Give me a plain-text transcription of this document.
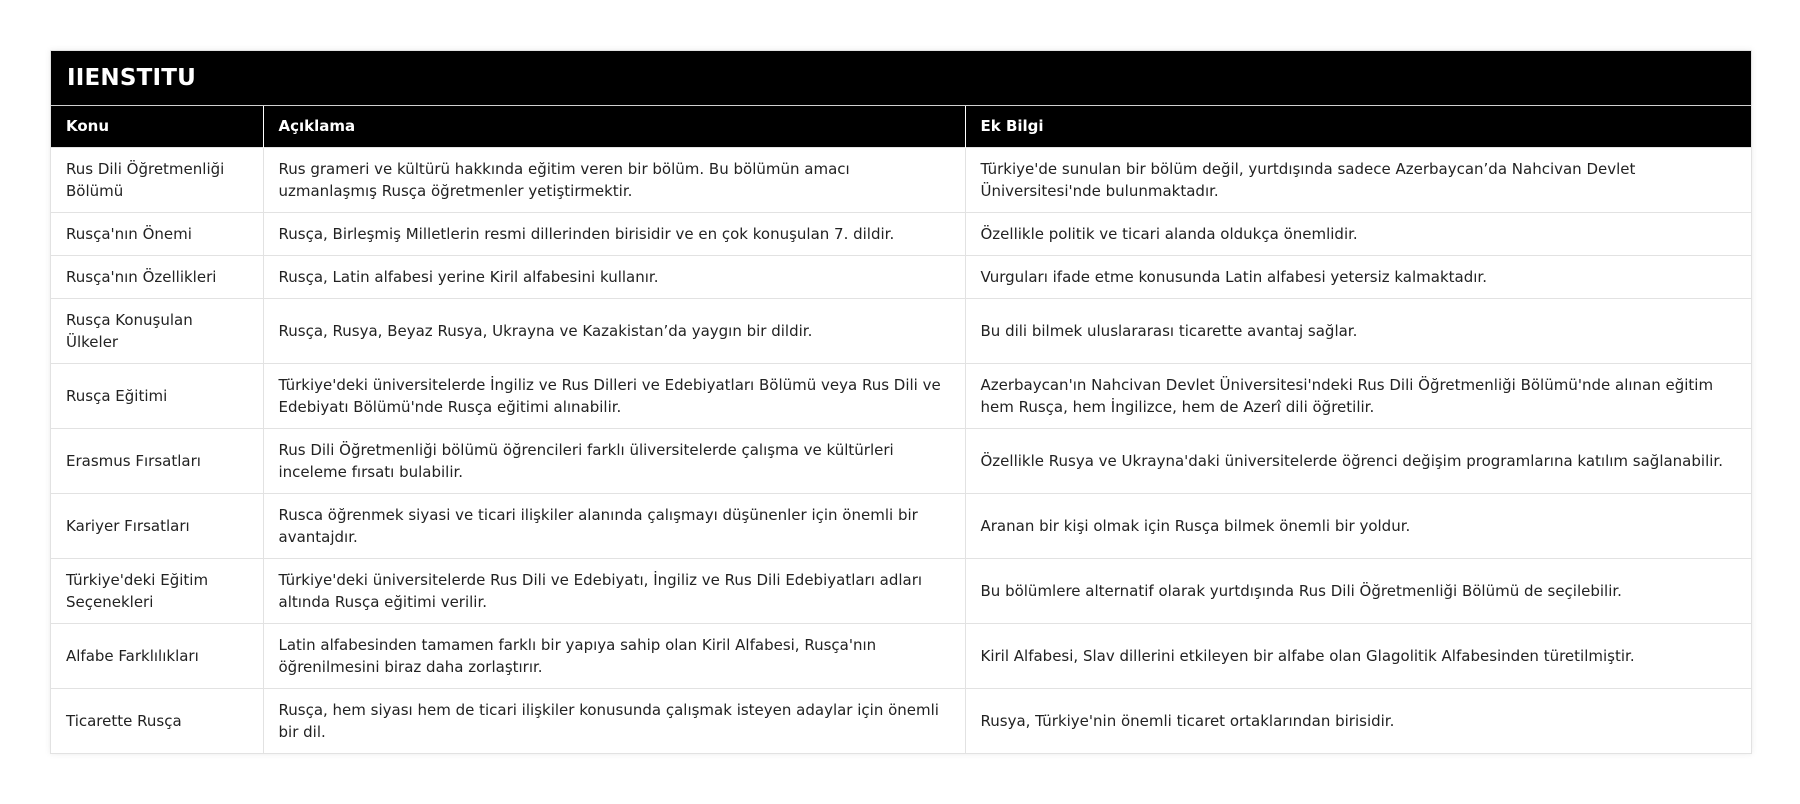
IIENSTITU
Konu	Açıklama	Ek Bilgi
Rus Dili Öğretmenliği Bölümü	Rus grameri ve kültürü hakkında eğitim veren bir bölüm. Bu bölümün amacı uzmanlaşmış Rusça öğretmenler yetiştirmektir.	Türkiye'de sunulan bir bölüm değil, yurtdışında sadece Azerbaycan’da Nahcivan Devlet Üniversitesi'nde bulunmaktadır.
Rusça'nın Önemi	Rusça, Birleşmiş Milletlerin resmi dillerinden birisidir ve en çok konuşulan 7. dildir.	Özellikle politik ve ticari alanda oldukça önemlidir.
Rusça'nın Özellikleri	Rusça, Latin alfabesi yerine Kiril alfabesini kullanır.	Vurguları ifade etme konusunda Latin alfabesi yetersiz kalmaktadır.
Rusça Konuşulan Ülkeler	Rusça, Rusya, Beyaz Rusya, Ukrayna ve Kazakistan’da yaygın bir dildir.	Bu dili bilmek uluslararası ticarette avantaj sağlar.
Rusça Eğitimi	Türkiye'deki üniversitelerde İngiliz ve Rus Dilleri ve Edebiyatları Bölümü veya Rus Dili ve Edebiyatı Bölümü'nde Rusça eğitimi alınabilir.	Azerbaycan'ın Nahcivan Devlet Üniversitesi'ndeki Rus Dili Öğretmenliği Bölümü'nde alınan eğitim hem Rusça, hem İngilizce, hem de Azerî dili öğretilir.
Erasmus Fırsatları	Rus Dili Öğretmenliği bölümü öğrencileri farklı üliversitelerde çalışma ve kültürleri inceleme fırsatı bulabilir.	Özellikle Rusya ve Ukrayna'daki üniversitelerde öğrenci değişim programlarına katılım sağlanabilir.
Kariyer Fırsatları	Rusca öğrenmek siyasi ve ticari ilişkiler alanında çalışmayı düşünenler için önemli bir avantajdır.	Aranan bir kişi olmak için Rusça bilmek önemli bir yoldur.
Türkiye'deki Eğitim Seçenekleri	Türkiye'deki üniversitelerde Rus Dili ve Edebiyatı, İngiliz ve Rus Dili Edebiyatları adları altında Rusça eğitimi verilir.	Bu bölümlere alternatif olarak yurtdışında Rus Dili Öğretmenliği Bölümü de seçilebilir.
Alfabe Farklılıkları	Latin alfabesinden tamamen farklı bir yapıya sahip olan Kiril Alfabesi, Rusça'nın öğrenilmesini biraz daha zorlaştırır.	Kiril Alfabesi, Slav dillerini etkileyen bir alfabe olan Glagolitik Alfabesinden türetilmiştir.
Ticarette Rusça	Rusça, hem siyası hem de ticari ilişkiler konusunda çalışmak isteyen adaylar için önemli bir dil.	Rusya, Türkiye'nin önemli ticaret ortaklarından birisidir.
